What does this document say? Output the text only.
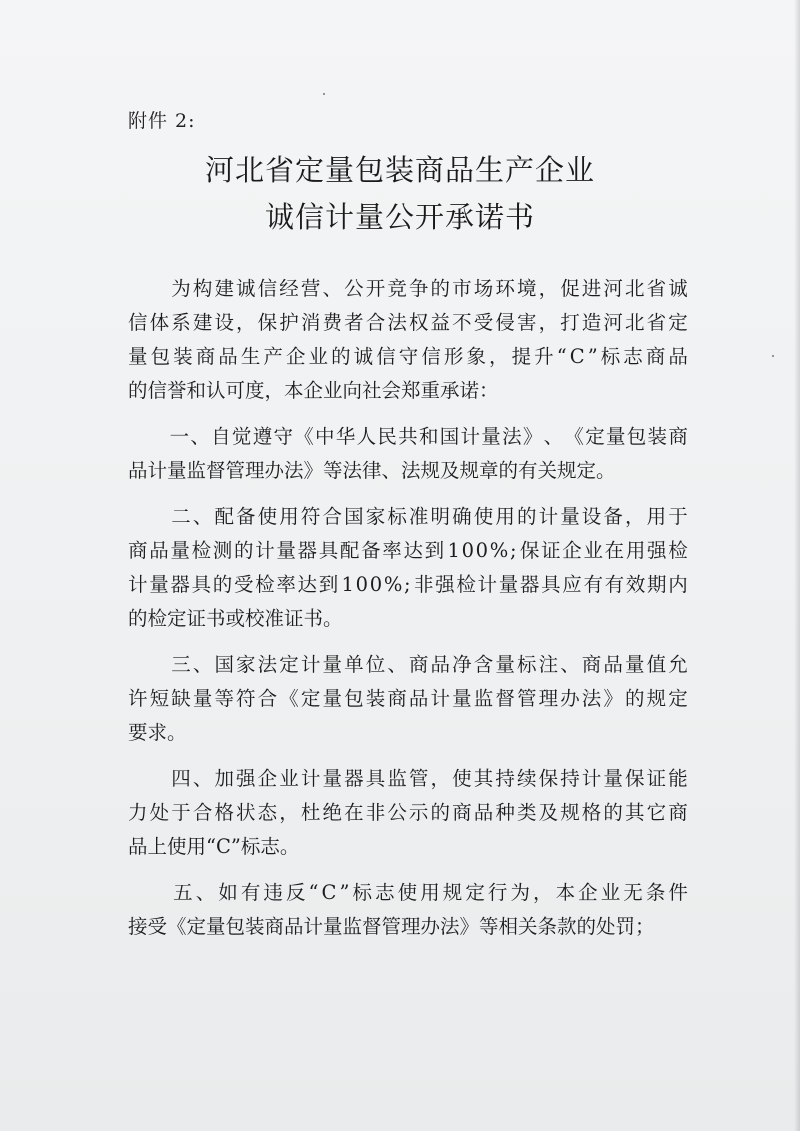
附件 2:
河北省定量包装商品生产企业
诚信计量公开承诺书

为 构 建 诚 信 经 营 、 公 开 竞 争 的 市 场 环 境 ， 促 进 河 北 省 诚
信 体 系 建 设 ， 保 护 消 费 者 合 法 权 益 不 受 侵 害 ， 打 造 河 北 省 定
量 包 装 商 品 生 产 企 业 的 诚 信 守 信 形 象 ， 提 升 “ C ” 标 志 商 品
的信誉和认可度，本企业向社会郑重承诺：

一 、 自 觉 遵 守 《 中 华 人 民 共 和 国 计 量 法 》 、 《 定 量 包 装 商
品计量监督管理办法》等法律、法规及规章的有关规定。

二 、 配 备 使 用 符 合 国 家 标 准 明 确 使 用 的 计 量 设 备 ， 用 于
商 品 量 检 测 的 计 量 器 具 配 备 率 达 到 1 0 0 % ; 保 证 企 业 在 用 强 检
计 量 器 具 的 受 检 率 达 到 1 0 0 % ; 非 强 检 计 量 器 具 应 有 有 效 期 内
的检定证书或校准证书。

三 、 国 家 法 定 计 量 单 位 、 商 品 净 含 量 标 注 、 商 品 量 值 允
许 短 缺 量 等 符 合 《 定 量 包 装 商 品 计 量 监 督 管 理 办 法 》 的 规 定
要求。

四 、 加 强 企 业 计 量 器 具 监 管 ， 使 其 持 续 保 持 计 量 保 证 能
力 处 于 合 格 状 态 ， 杜 绝 在 非 公 示 的 商 品 种 类 及 规 格 的 其 它 商
品上使用“C”标志。

五 、 如 有 违 反 “ C ” 标 志 使 用 规 定 行 为 ， 本 企 业 无 条 件
接受《定量包装商品计量监督管理办法》等相关条款的处罚；
